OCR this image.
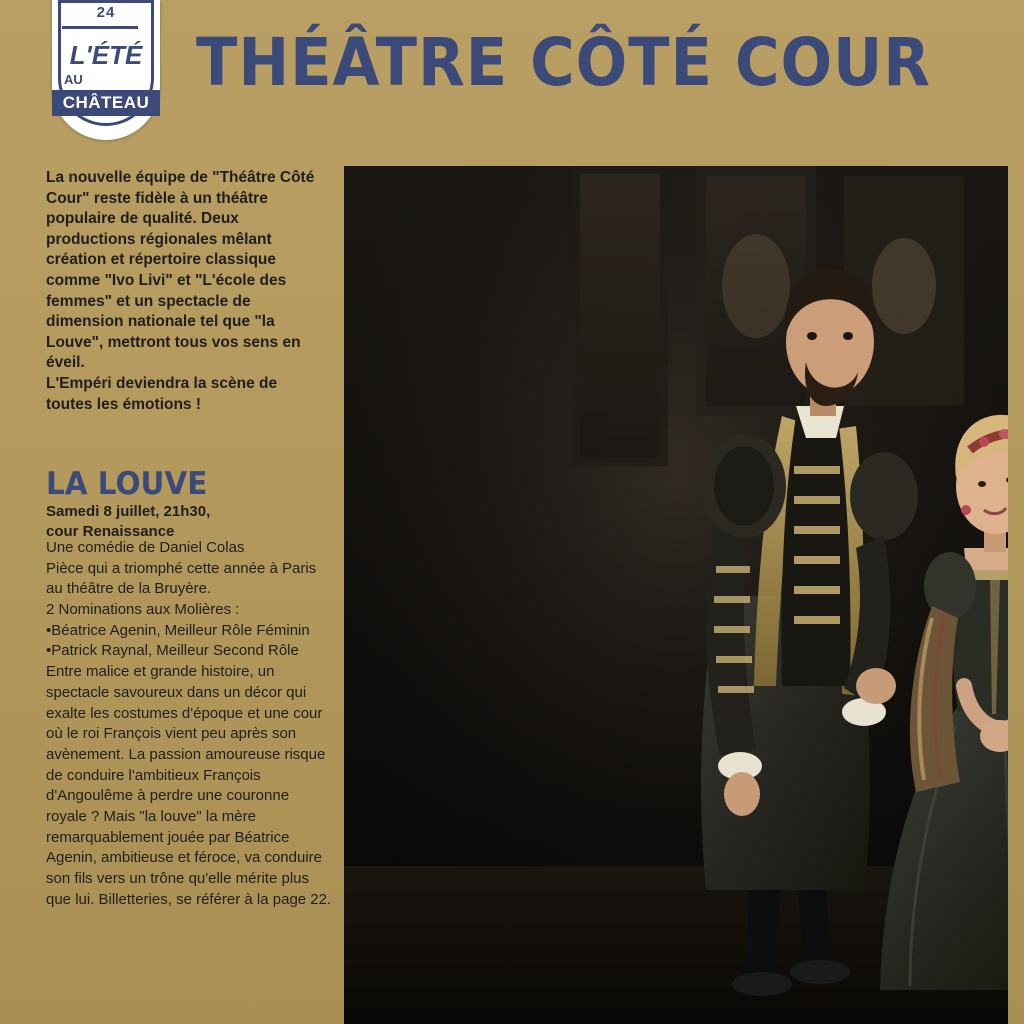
24
L'ÉTÉ
AU
CHÂTEAU
THÉÂTRE CÔTÉ COUR
La nouvelle équipe de "Théâtre Côté Cour" reste fidèle à un théâtre populaire de qualité. Deux productions régionales mêlant création et répertoire classique comme "Ivo Livi" et "L'école des femmes" et un spectacle de dimension nationale tel que "la Louve", mettront tous vos sens en éveil.
L'Empéri deviendra la scène de toutes les émotions !
LA LOUVE
Samedi 8 juillet, 21h30,
cour Renaissance

Une comédie de Daniel Colas

Pièce qui a triomphé cette année à Paris au théâtre de la Bruyère.

2 Nominations aux Molières :

•Béatrice Agenin, Meilleur Rôle Féminin

•Patrick Raynal, Meilleur Second Rôle

Entre malice et grande histoire, un spectacle savoureux dans un décor qui exalte les costumes d'époque et une cour où le roi François vient peu après son avènement. La passion amoureuse risque de conduire l'ambitieux François d'Angoulême à perdre une couronne royale ? Mais "la louve" la mère remarquablement jouée par Béatrice Agenin, ambitieuse et féroce, va conduire son fils vers un trône qu'elle mérite plus que lui. Billetteries, se référer à la page 22.
